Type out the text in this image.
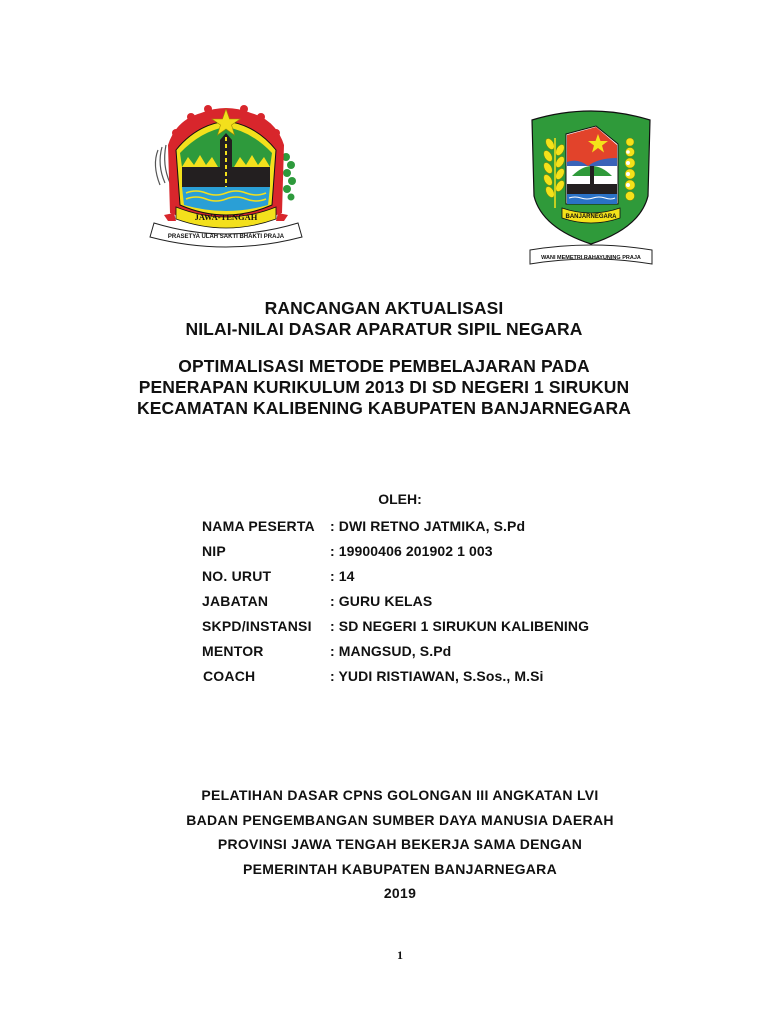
JAWA-TENGAH
PRASETYA ULAH SAKTI BHAKTI PRAJA
BANJARNEGARA
WANI MEMETRI RAHAYUNING PRAJA
RANCANGAN AKTUALISASI
NILAI-NILAI DASAR APARATUR SIPIL NEGARA
OPTIMALISASI METODE PEMBELAJARAN PADA
PENERAPAN KURIKULUM 2013 DI SD NEGERI 1 SIRUKUN
KECAMATAN KALIBENING KABUPATEN BANJARNEGARA
OLEH:
NAMA PESERTA	: DWI RETNO JATMIKA, S.Pd
NIP	: 19900406 201902 1 003
NO. URUT	: 14
JABATAN	: GURU KELAS
SKPD/INSTANSI	: SD NEGERI 1 SIRUKUN KALIBENING
MENTOR	: MANGSUD, S.Pd
COACH	: YUDI RISTIAWAN, S.Sos., M.Si
PELATIHAN DASAR CPNS GOLONGAN III ANGKATAN LVI
BADAN PENGEMBANGAN SUMBER DAYA MANUSIA DAERAH
PROVINSI JAWA TENGAH BEKERJA SAMA DENGAN
PEMERINTAH KABUPATEN BANJARNEGARA
2019
1
